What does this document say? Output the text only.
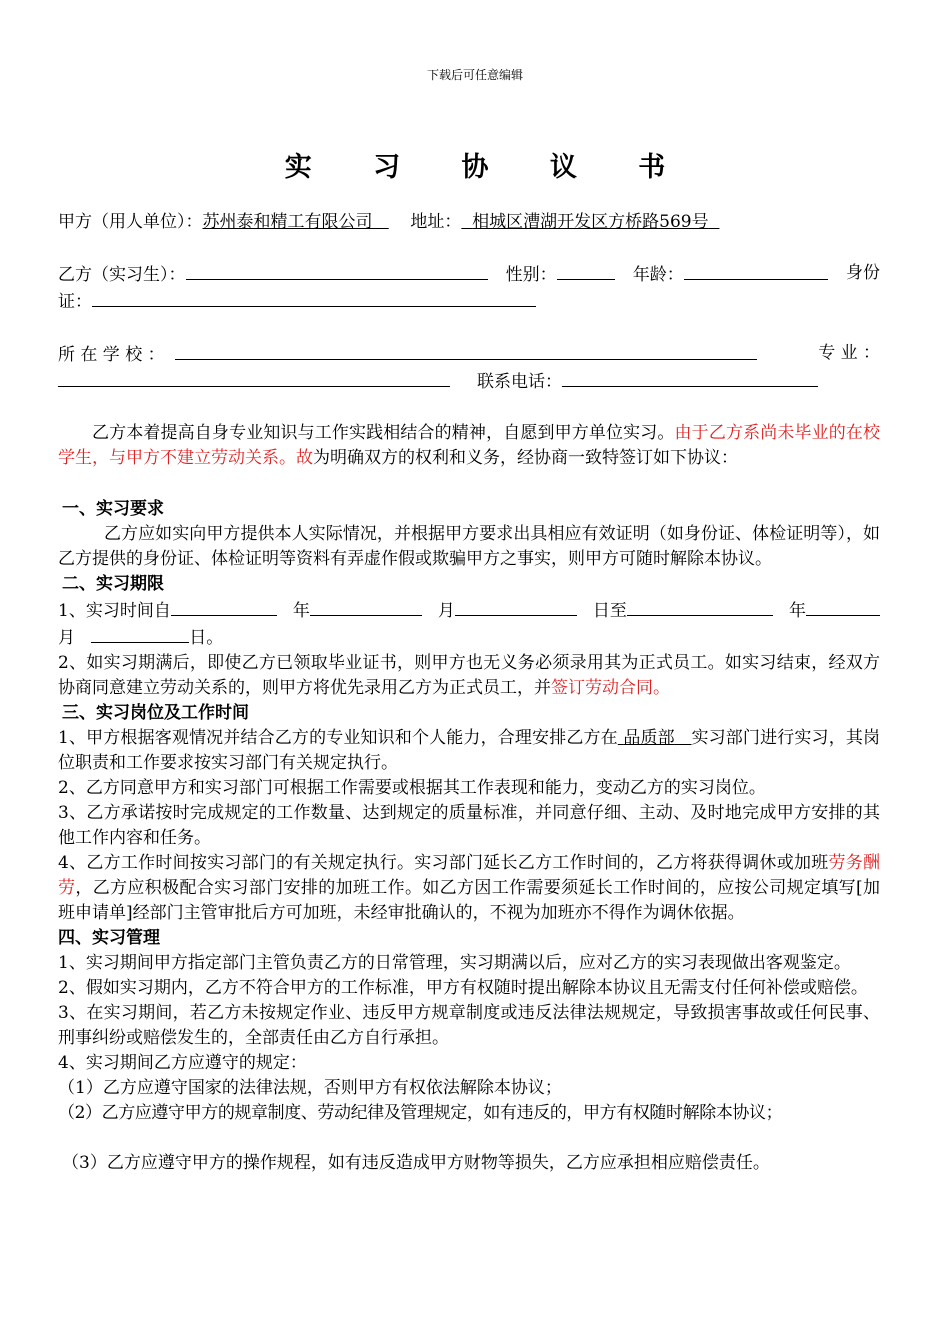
下载后可任意编辑
实 习 协 议 书
甲方（用人单位）：苏州泰和精工有限公司 地址： 相城区漕湖开发区方桥路569号
乙方（实习生）：	性别：	年龄：	身份
证：
所 在 学 校 ：	专 业 ：
联系电话：
乙方本着提高自身专业知识与工作实践相结合的精神，自愿到甲方单位实习。由于乙方系尚未毕业的在校学生，与甲方不建立劳动关系。故为明确双方的权利和义务，经协商一致特签订如下协议：
一、实习要求
乙方应如实向甲方提供本人实际情况，并根据甲方要求出具相应有效证明（如身份证、体检证明等），如乙方提供的身份证、体检证明等资料有弄虚作假或欺骗甲方之事实，则甲方可随时解除本协议。
二、实习期限
1、实习时间自	年	月	日至	年
月	日。
2、如实习期满后，即使乙方已领取毕业证书，则甲方也无义务必须录用其为正式员工。如实习结束，经双方协商同意建立劳动关系的，则甲方将优先录用乙方为正式员工，并签订劳动合同。
三、实习岗位及工作时间
1、甲方根据客观情况并结合乙方的专业知识和个人能力，合理安排乙方在 品质部 实习部门进行实习，其岗位职责和工作要求按实习部门有关规定执行。
2、乙方同意甲方和实习部门可根据工作需要或根据其工作表现和能力，变动乙方的实习岗位。
3、乙方承诺按时完成规定的工作数量、达到规定的质量标准，并同意仔细、主动、及时地完成甲方安排的其他工作内容和任务。
4、乙方工作时间按实习部门的有关规定执行。实习部门延长乙方工作时间的，乙方将获得调休或加班劳务酬劳，乙方应积极配合实习部门安排的加班工作。如乙方因工作需要须延长工作时间的，应按公司规定填写[加班申请单]经部门主管审批后方可加班，未经审批确认的，不视为加班亦不得作为调休依据。
四、实习管理
1、实习期间甲方指定部门主管负责乙方的日常管理，实习期满以后，应对乙方的实习表现做出客观鉴定。
2、假如实习期内，乙方不符合甲方的工作标准，甲方有权随时提出解除本协议且无需支付任何补偿或赔偿。
3、在实习期间，若乙方未按规定作业、违反甲方规章制度或违反法律法规规定，导致损害事故或任何民事、刑事纠纷或赔偿发生的，全部责任由乙方自行承担。
4、实习期间乙方应遵守的规定：
（1）乙方应遵守国家的法律法规，否则甲方有权依法解除本协议；
（2）乙方应遵守甲方的规章制度、劳动纪律及管理规定，如有违反的，甲方有权随时解除本协议；
（3）乙方应遵守甲方的操作规程，如有违反造成甲方财物等损失，乙方应承担相应赔偿责任。
